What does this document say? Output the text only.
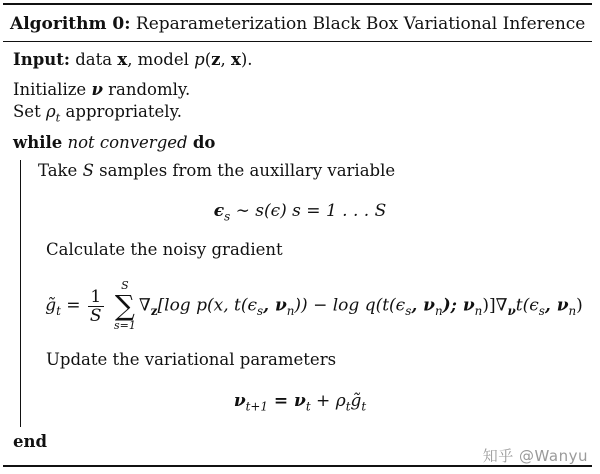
Algorithm 0: Reparameterization Black Box Variational Inference
Input: data x, model p(z, x).
Initialize ν randomly.
Set $\rho_t$ appropriately.
while not converged do
Take S samples from the auxillary variable
$\epsilon_s$ ∼ s(ϵ) s = 1 . . . S
Calculate the noisy gradient
$g̃_t = \frac{1}{S}$

S
∑
s=1
$\nabla_z[\log$ p(x, $t(\epsilon_s$, $\nu_n)) - \log q(t(\epsilon_s$, $\nu_n$); $\nu_n)]\nabla_\nu t(\epsilon_s$, $\nu_n$)
Update the variational parameters
$\nu_{t+1} = \nu_t$ + $\rho_tg̃_t$
end
知乎 @Wanyu
